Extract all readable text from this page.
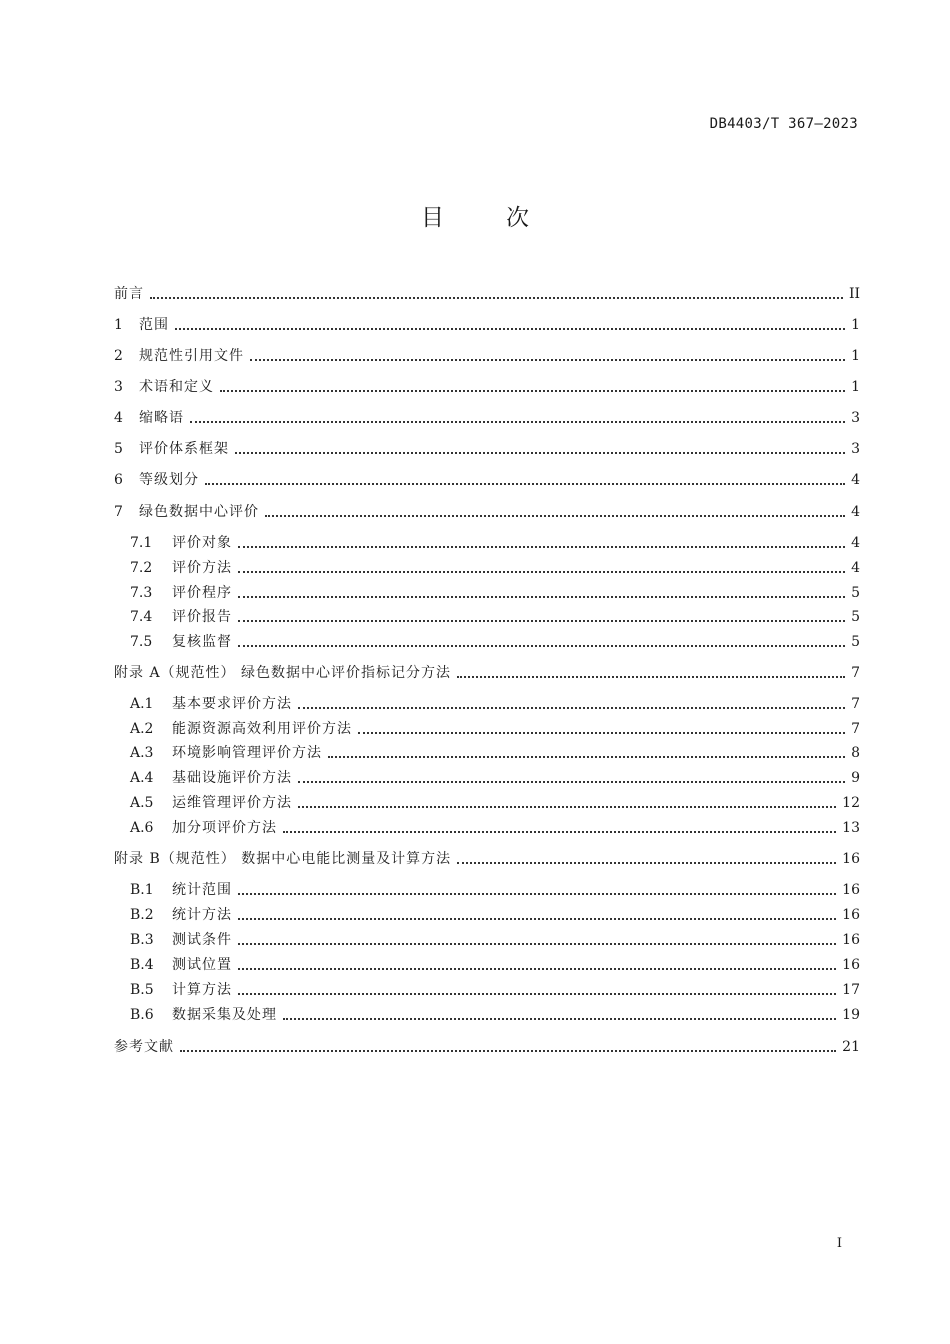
DB4403/T 367—2023
目次
前言	II
1	范围	1
2	规范性引用文件	1
3	术语和定义	1
4	缩略语	3
5	评价体系框架	3
6	等级划分	4
7	绿色数据中心评价	4
7.1	评价对象	4
7.2	评价方法	4
7.3	评价程序	5
7.4	评价报告	5
7.5	复核监督	5
附录 A（规范性） 绿色数据中心评价指标记分方法	7
A.1	基本要求评价方法	7
A.2	能源资源高效利用评价方法	7
A.3	环境影响管理评价方法	8
A.4	基础设施评价方法	9
A.5	运维管理评价方法	12
A.6	加分项评价方法	13
附录 B（规范性） 数据中心电能比测量及计算方法	16
B.1	统计范围	16
B.2	统计方法	16
B.3	测试条件	16
B.4	测试位置	16
B.5	计算方法	17
B.6	数据采集及处理	19
参考文献	21
I
